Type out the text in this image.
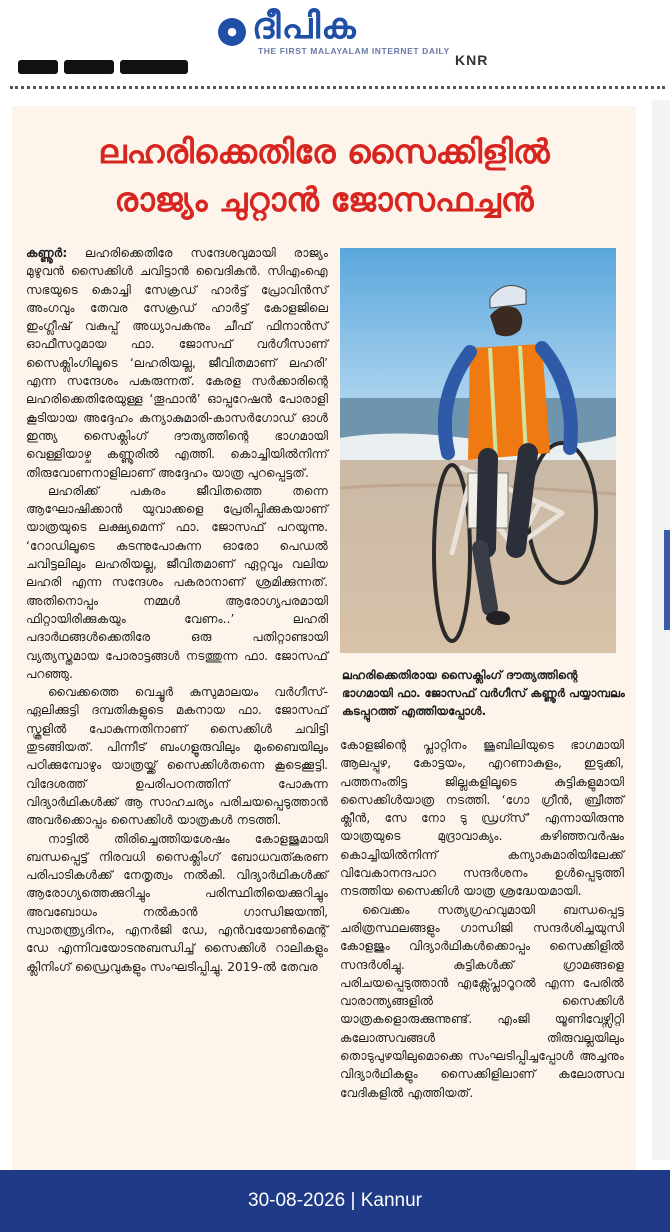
● ദീപിക
THE FIRST MALAYALAM INTERNET DAILY
KNR
ലഹരിക്കെതിരേ സൈക്കിളിൽ
രാജ്യം ചുറ്റാൻ ജോസഫച്ചൻ

കണ്ണൂർ: ലഹരിക്കെതിരേ സന്ദേശവുമായി രാജ്യം മുഴുവൻ സൈക്കിൾ ചവിട്ടാൻ വൈദികൻ. സിഎംഐ സഭയുടെ കൊച്ചി സേക്രഡ് ഹാർട്ട് പ്രോവിൻസ് അംഗവും തേവര സേക്രഡ് ഹാർട്ട് കോളജിലെ ഇംഗ്ലീഷ് വകുപ്പ് അധ്യാപകനും ചീഫ് ഫിനാൻസ് ഓഫീസറുമായ ഫാ. ജോസഫ് വർഗീസാണ് സൈക്ലിംഗിലൂടെ ‘ലഹരിയല്ല, ജീവിതമാണ് ലഹരി’ എന്ന സന്ദേശം പകരുന്നത്. കേരള സർക്കാരിന്റെ ലഹരിക്കെതിരേയുള്ള ‘തൂഫാൻ’ ഓപ്പറേഷൻ പോരാളി കൂടിയായ അദ്ദേഹം കന്യാകുമാരി-കാസർഗോഡ് ഓൾ ഇന്ത്യ സൈക്ലിംഗ് ദൗത്യത്തിന്റെ ഭാഗമായി വെള്ളിയാഴ്ച കണ്ണൂരിൽ എത്തി. കൊച്ചിയിൽനിന്ന് തിരുവോണനാളിലാണ് അദ്ദേഹം യാത്ര പുറപ്പെട്ടത്.

ലഹരിക്ക് പകരം ജീവിതത്തെ തന്നെ ആഘോഷിക്കാൻ യുവാക്കളെ പ്രേരിപ്പിക്കുകയാണ് യാത്രയുടെ ലക്ഷ്യമെന്ന് ഫാ. ജോസഫ് പറയുന്നു. ‘റോഡിലൂടെ കടന്നുപോകുന്ന ഓരോ പെഡൽ ചവിട്ടലിലും ലഹരിയല്ല, ജീവിതമാണ് ഏറ്റവും വലിയ ലഹരി എന്ന സന്ദേശം പകരാനാണ് ശ്രമിക്കുന്നത്. അതിനൊപ്പം നമ്മൾ ആരോഗ്യപരമായി ഫിറ്റായിരിക്കുകയും വേണം..’ ലഹരി പദാർഥങ്ങൾക്കെതിരേ ഒരു പതിറ്റാണ്ടായി വ്യത്യസ്തമായ പോരാട്ടങ്ങൾ നടത്തുന്ന ഫാ. ജോസഫ് പറഞ്ഞു.

വൈക്കത്തെ വെച്ചൂർ കുസുമാലയം വർഗീസ്- ഏലിക്കുട്ടി ദമ്പതികളുടെ മകനായ ഫാ. ജോസഫ് സ്കൂളിൽ പോകുന്നതിനാണ് സൈക്കിൾ ചവിട്ടി തുടങ്ങിയത്. പിന്നീട് ബംഗളൂരുവിലും മുംബൈയിലും പഠിക്കുമ്പോഴും യാത്രയ്ക്ക് സൈക്കിൾതന്നെ കൂടെക്കൂട്ടി. വിദേശത്ത് ഉപരിപഠനത്തിന് പോകുന്ന വിദ്യാർഥികൾക്ക് ആ സാഹചര്യം പരിചയപ്പെടുത്താൻ അവർക്കൊപ്പം സൈക്കിൾ യാത്രകൾ നടത്തി.

നാട്ടിൽ തിരിച്ചെത്തിയശേഷം കോളജുമായി ബന്ധപ്പെട്ട് നിരവധി സൈക്ലിംഗ് ബോധവത്കരണ പരിപാടികൾക്ക് നേതൃത്വം നൽകി. വിദ്യാർഥികൾക്ക് ആരോഗ്യത്തെക്കുറിച്ചും പരിസ്ഥിതിയെക്കുറിച്ചും അവബോധം നൽകാൻ ഗാന്ധിജയന്തി, സ്വാതന്ത്ര്യദിനം, എനർജി ഡേ, എൻവയോൺമെന്റ് ഡേ എന്നിവയോടനുബന്ധിച്ച് സൈക്കിൾ റാലികളും ക്ലിനിംഗ് ഡ്രൈവുകളും സംഘടിപ്പിച്ചു. 2019-ൽ തേവര

ലഹരിക്കെതിരായ സൈക്ലിംഗ് ദൗത്യത്തിന്റെ ഭാഗമായി ഫാ. ജോസഫ് വർഗീസ് കണ്ണൂർ പയ്യാമ്പലം കടപ്പുറത്ത് എത്തിയപ്പോൾ.

കോളജിന്റെ പ്ലാറ്റിനം ജൂബിലിയുടെ ഭാഗമായി ആലപ്പുഴ, കോട്ടയം, എറണാകുളം, ഇടുക്കി, പത്തനംതിട്ട ജില്ലകളിലൂടെ കുട്ടികളുമായി സൈക്കിൾയാത്ര നടത്തി. ‘ഗോ ഗ്രീൻ, ബ്രീത്ത് ക്ലീൻ, സേ നോ ടു ഡ്രഗ്സ്’ എന്നായിരുന്നു യാത്രയുടെ മുദ്രാവാക്യം. കഴിഞ്ഞവർഷം കൊച്ചിയിൽനിന്ന് കന്യാകുമാരിയിലേക്ക് വിവേകാനന്ദപാറ സന്ദർശനം ഉൾപ്പെടുത്തി നടത്തിയ സൈക്കിൾ യാത്ര ശ്രദ്ധേയമായി.

വൈക്കം സത്യഗ്രഹവുമായി ബന്ധപ്പെട്ട ചരിത്രസ്ഥലങ്ങളും ഗാന്ധിജി സന്ദർശിച്ചയുസി കോളജും വിദ്യാർഥികൾക്കൊപ്പം സൈക്കിളിൽ സന്ദർശിച്ചു. കുട്ടികൾക്ക് ഗ്രാമങ്ങളെ പരിചയപ്പെടുത്താൻ എക്സ്പ്ലോറൂറൽ എന്ന പേരിൽ വാരാന്ത്യങ്ങളിൽ സൈക്കിൾ യാത്രകളൊരുക്കുന്നുണ്ട്. എംജി യൂണിവേഴ്സിറ്റി കലോത്സവങ്ങൾ തിരുവല്ലയിലും തൊടുപുഴയിലുമൊക്കെ സംഘടിപ്പിച്ചപ്പോൾ അച്ചനും വിദ്യാർഥികളും സൈക്കിളിലാണ് കലോത്സവ വേദികളിൽ എത്തിയത്.

30-08-2026 | Kannur
